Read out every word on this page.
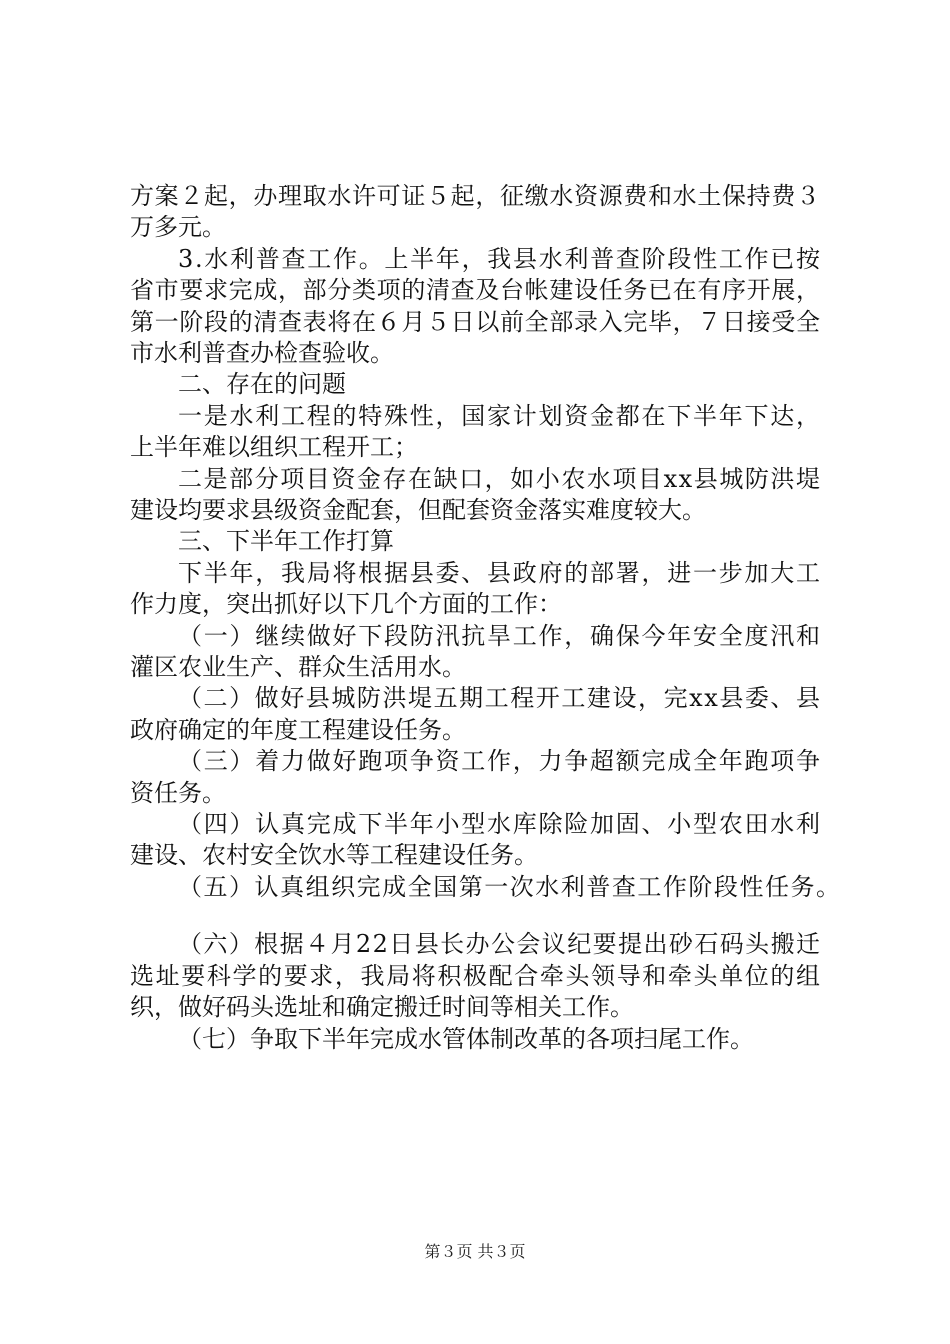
方案２起，办理取水许可证５起，征缴水资源费和水土保持费３
万多元。
3.水利普查工作。上半年，我县水利普查阶段性工作已按
省市要求完成，部分类项的清查及台帐建设任务已在有序开展，
第一阶段的清查表将在６月５日以前全部录入完毕，７日接受全
市水利普查办检查验收。
二、存在的问题
一是水利工程的特殊性，国家计划资金都在下半年下达，
上半年难以组织工程开工；
二是部分项目资金存在缺口，如小农水项目xx县城防洪堤
建设均要求县级资金配套，但配套资金落实难度较大。
三、下半年工作打算
下半年，我局将根据县委、县政府的部署，进一步加大工
作力度，突出抓好以下几个方面的工作：
（一）继续做好下段防汛抗旱工作，确保今年安全度汛和
灌区农业生产、群众生活用水。
（二）做好县城防洪堤五期工程开工建设，完xx县委、县
政府确定的年度工程建设任务。
（三）着力做好跑项争资工作，力争超额完成全年跑项争
资任务。
（四）认真完成下半年小型水库除险加固、小型农田水利
建设、农村安全饮水等工程建设任务。
（五）认真组织完成全国第一次水利普查工作阶段性任务。
（六）根据４月22日县长办公会议纪要提出砂石码头搬迁
选址要科学的要求，我局将积极配合牵头领导和牵头单位的组
织，做好码头选址和确定搬迁时间等相关工作。
（七）争取下半年完成水管体制改革的各项扫尾工作。
第３页 共３页
